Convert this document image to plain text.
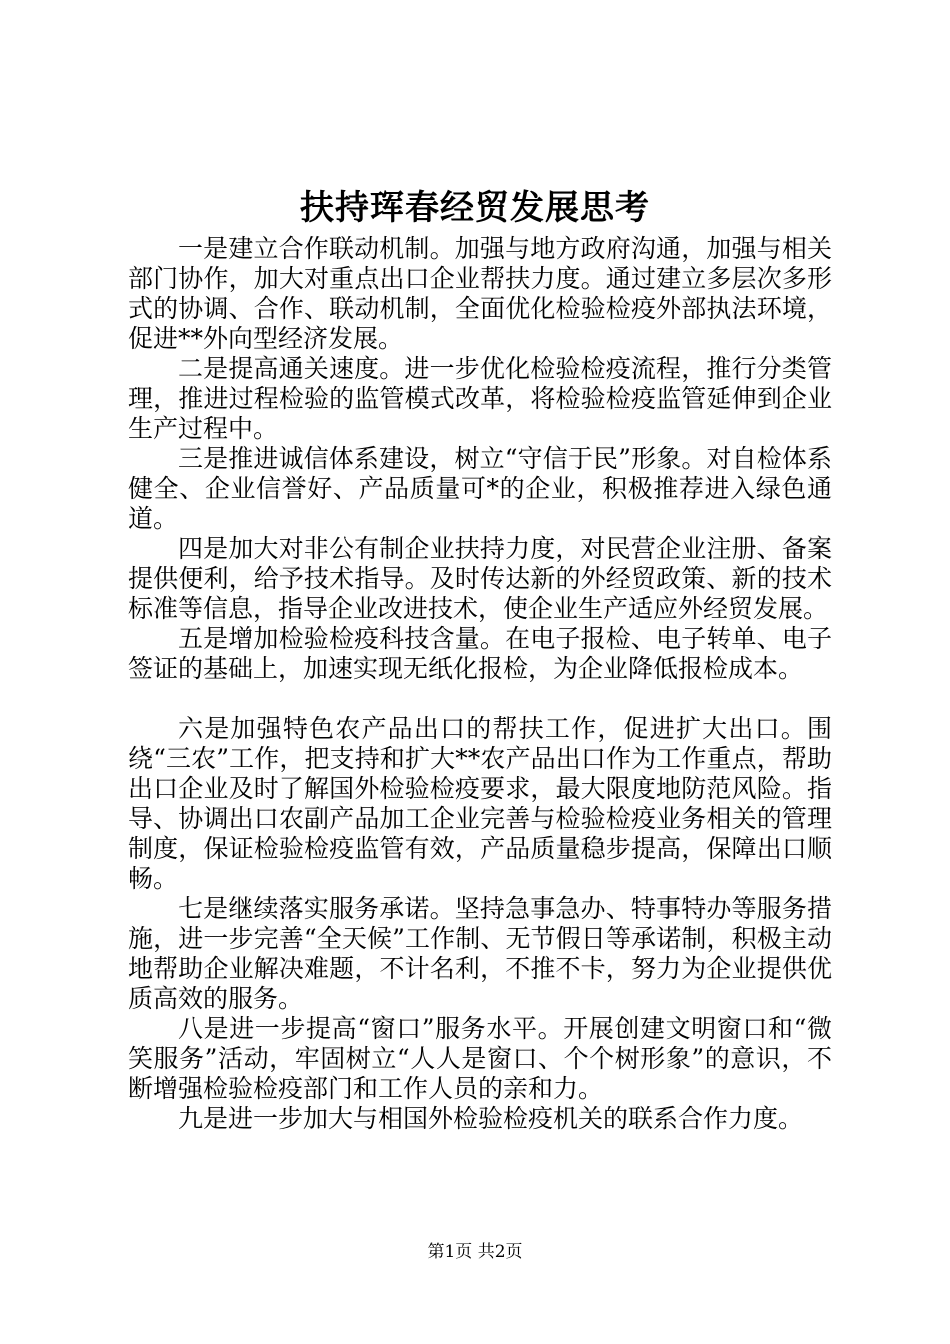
扶持珲春经贸发展思考

一是建立合作联动机制。加强与地方政府沟通，加强与相关部门协作，加大对重点出口企业帮扶力度。通过建立多层次多形式的协调、合作、联动机制，全面优化检验检疫外部执法环境，促进**外向型经济发展。

二是提高通关速度。进一步优化检验检疫流程，推行分类管理，推进过程检验的监管模式改革，将检验检疫监管延伸到企业生产过程中。

三是推进诚信体系建设，树立“守信于民”形象。对自检体系健全、企业信誉好、产品质量可*的企业，积极推荐进入绿色通道。

四是加大对非公有制企业扶持力度，对民营企业注册、备案提供便利，给予技术指导。及时传达新的外经贸政策、新的技术标准等信息，指导企业改进技术，使企业生产适应外经贸发展。

五是增加检验检疫科技含量。在电子报检、电子转单、电子签证的基础上，加速实现无纸化报检，为企业降低报检成本。

六是加强特色农产品出口的帮扶工作，促进扩大出口。围绕“三农”工作，把支持和扩大**农产品出口作为工作重点，帮助出口企业及时了解国外检验检疫要求，最大限度地防范风险。指导、协调出口农副产品加工企业完善与检验检疫业务相关的管理制度，保证检验检疫监管有效，产品质量稳步提高，保障出口顺畅。

七是继续落实服务承诺。坚持急事急办、特事特办等服务措施，进一步完善“全天候”工作制、无节假日等承诺制，积极主动地帮助企业解决难题，不计名利，不推不卡，努力为企业提供优质高效的服务。

八是进一步提高“窗口”服务水平。开展创建文明窗口和“微笑服务”活动，牢固树立“人人是窗口、个个树形象”的意识，不断增强检验检疫部门和工作人员的亲和力。

九是进一步加大与相国外检验检疫机关的联系合作力度。

第1页 共2页
